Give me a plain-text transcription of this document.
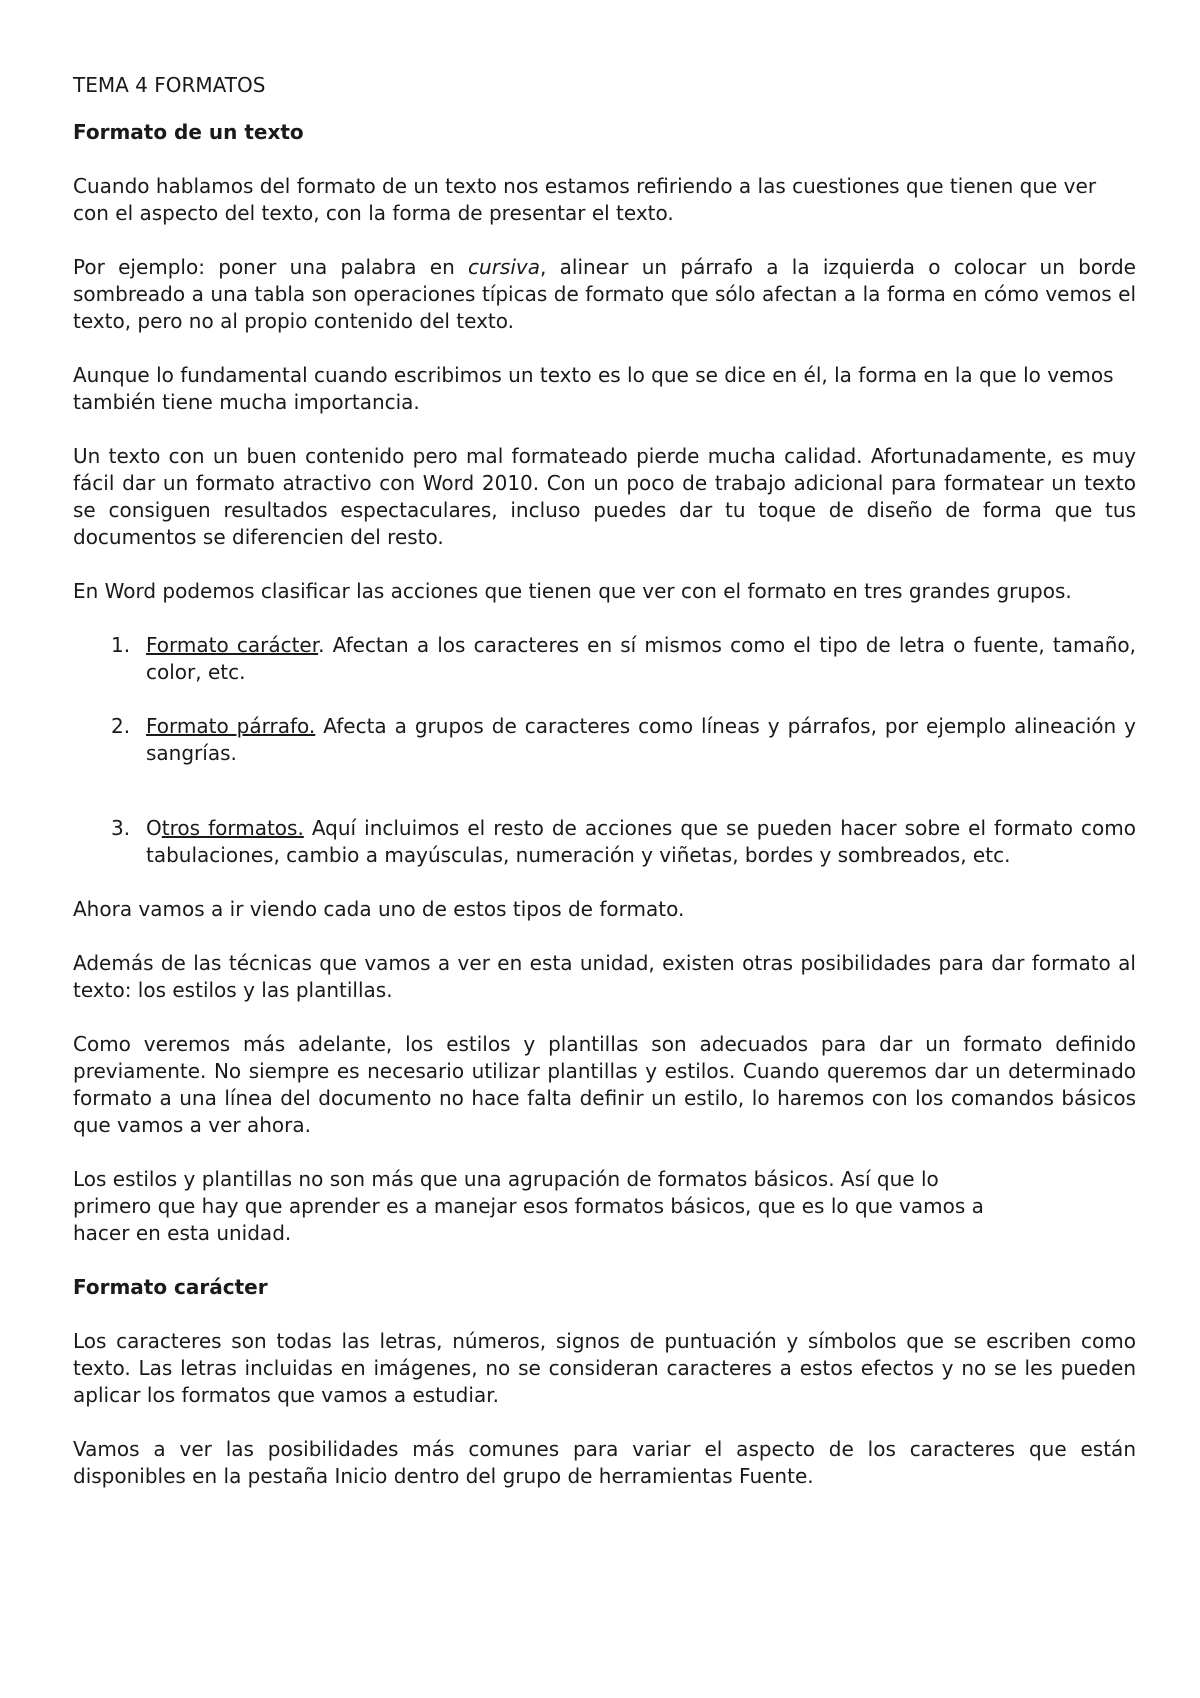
TEMA 4 FORMATOS

Formato de un texto

Cuando hablamos del formato de un texto nos estamos refiriendo a las cuestiones que tienen que ver con el aspecto del texto, con la forma de presentar el texto.

Por ejemplo: poner una palabra en cursiva, alinear un párrafo a la izquierda o colocar un borde sombreado a una tabla son operaciones típicas de formato que sólo afectan a la forma en cómo vemos el texto, pero no al propio contenido del texto.

Aunque lo fundamental cuando escribimos un texto es lo que se dice en él, la forma en la que lo vemos también tiene mucha importancia.

Un texto con un buen contenido pero mal formateado pierde mucha calidad. Afortunadamente, es muy fácil dar un formato atractivo con Word 2010. Con un poco de trabajo adicional para formatear un texto se consiguen resultados espectaculares, incluso puedes dar tu toque de diseño de forma que tus documentos se diferencien del resto.

En Word podemos clasificar las acciones que tienen que ver con el formato en tres grandes grupos.

1. Formato carácter. Afectan a los caracteres en sí mismos como el tipo de letra o fuente, tamaño, color, etc.
2. Formato párrafo. Afecta a grupos de caracteres como líneas y párrafos, por ejemplo alineación y sangrías.
3. Otros formatos. Aquí incluimos el resto de acciones que se pueden hacer sobre el formato como tabulaciones, cambio a mayúsculas, numeración y viñetas, bordes y sombreados, etc.

Ahora vamos a ir viendo cada uno de estos tipos de formato.

Además de las técnicas que vamos a ver en esta unidad, existen otras posibilidades para dar formato al texto: los estilos y las plantillas.

Como veremos más adelante, los estilos y plantillas son adecuados para dar un formato definido previamente. No siempre es necesario utilizar plantillas y estilos. Cuando queremos dar un determinado formato a una línea del documento no hace falta definir un estilo, lo haremos con los comandos básicos que vamos a ver ahora.

Los estilos y plantillas no son más que una agrupación de formatos básicos. Así que lo
primero que hay que aprender es a manejar esos formatos básicos, que es lo que vamos a
hacer en esta unidad.

Formato carácter

Los caracteres son todas las letras, números, signos de puntuación y símbolos que se escriben como texto. Las letras incluidas en imágenes, no se consideran caracteres a estos efectos y no se les pueden aplicar los formatos que vamos a estudiar.

Vamos a ver las posibilidades más comunes para variar el aspecto de los caracteres que están disponibles en la pestaña Inicio dentro del grupo de herramientas Fuente.
